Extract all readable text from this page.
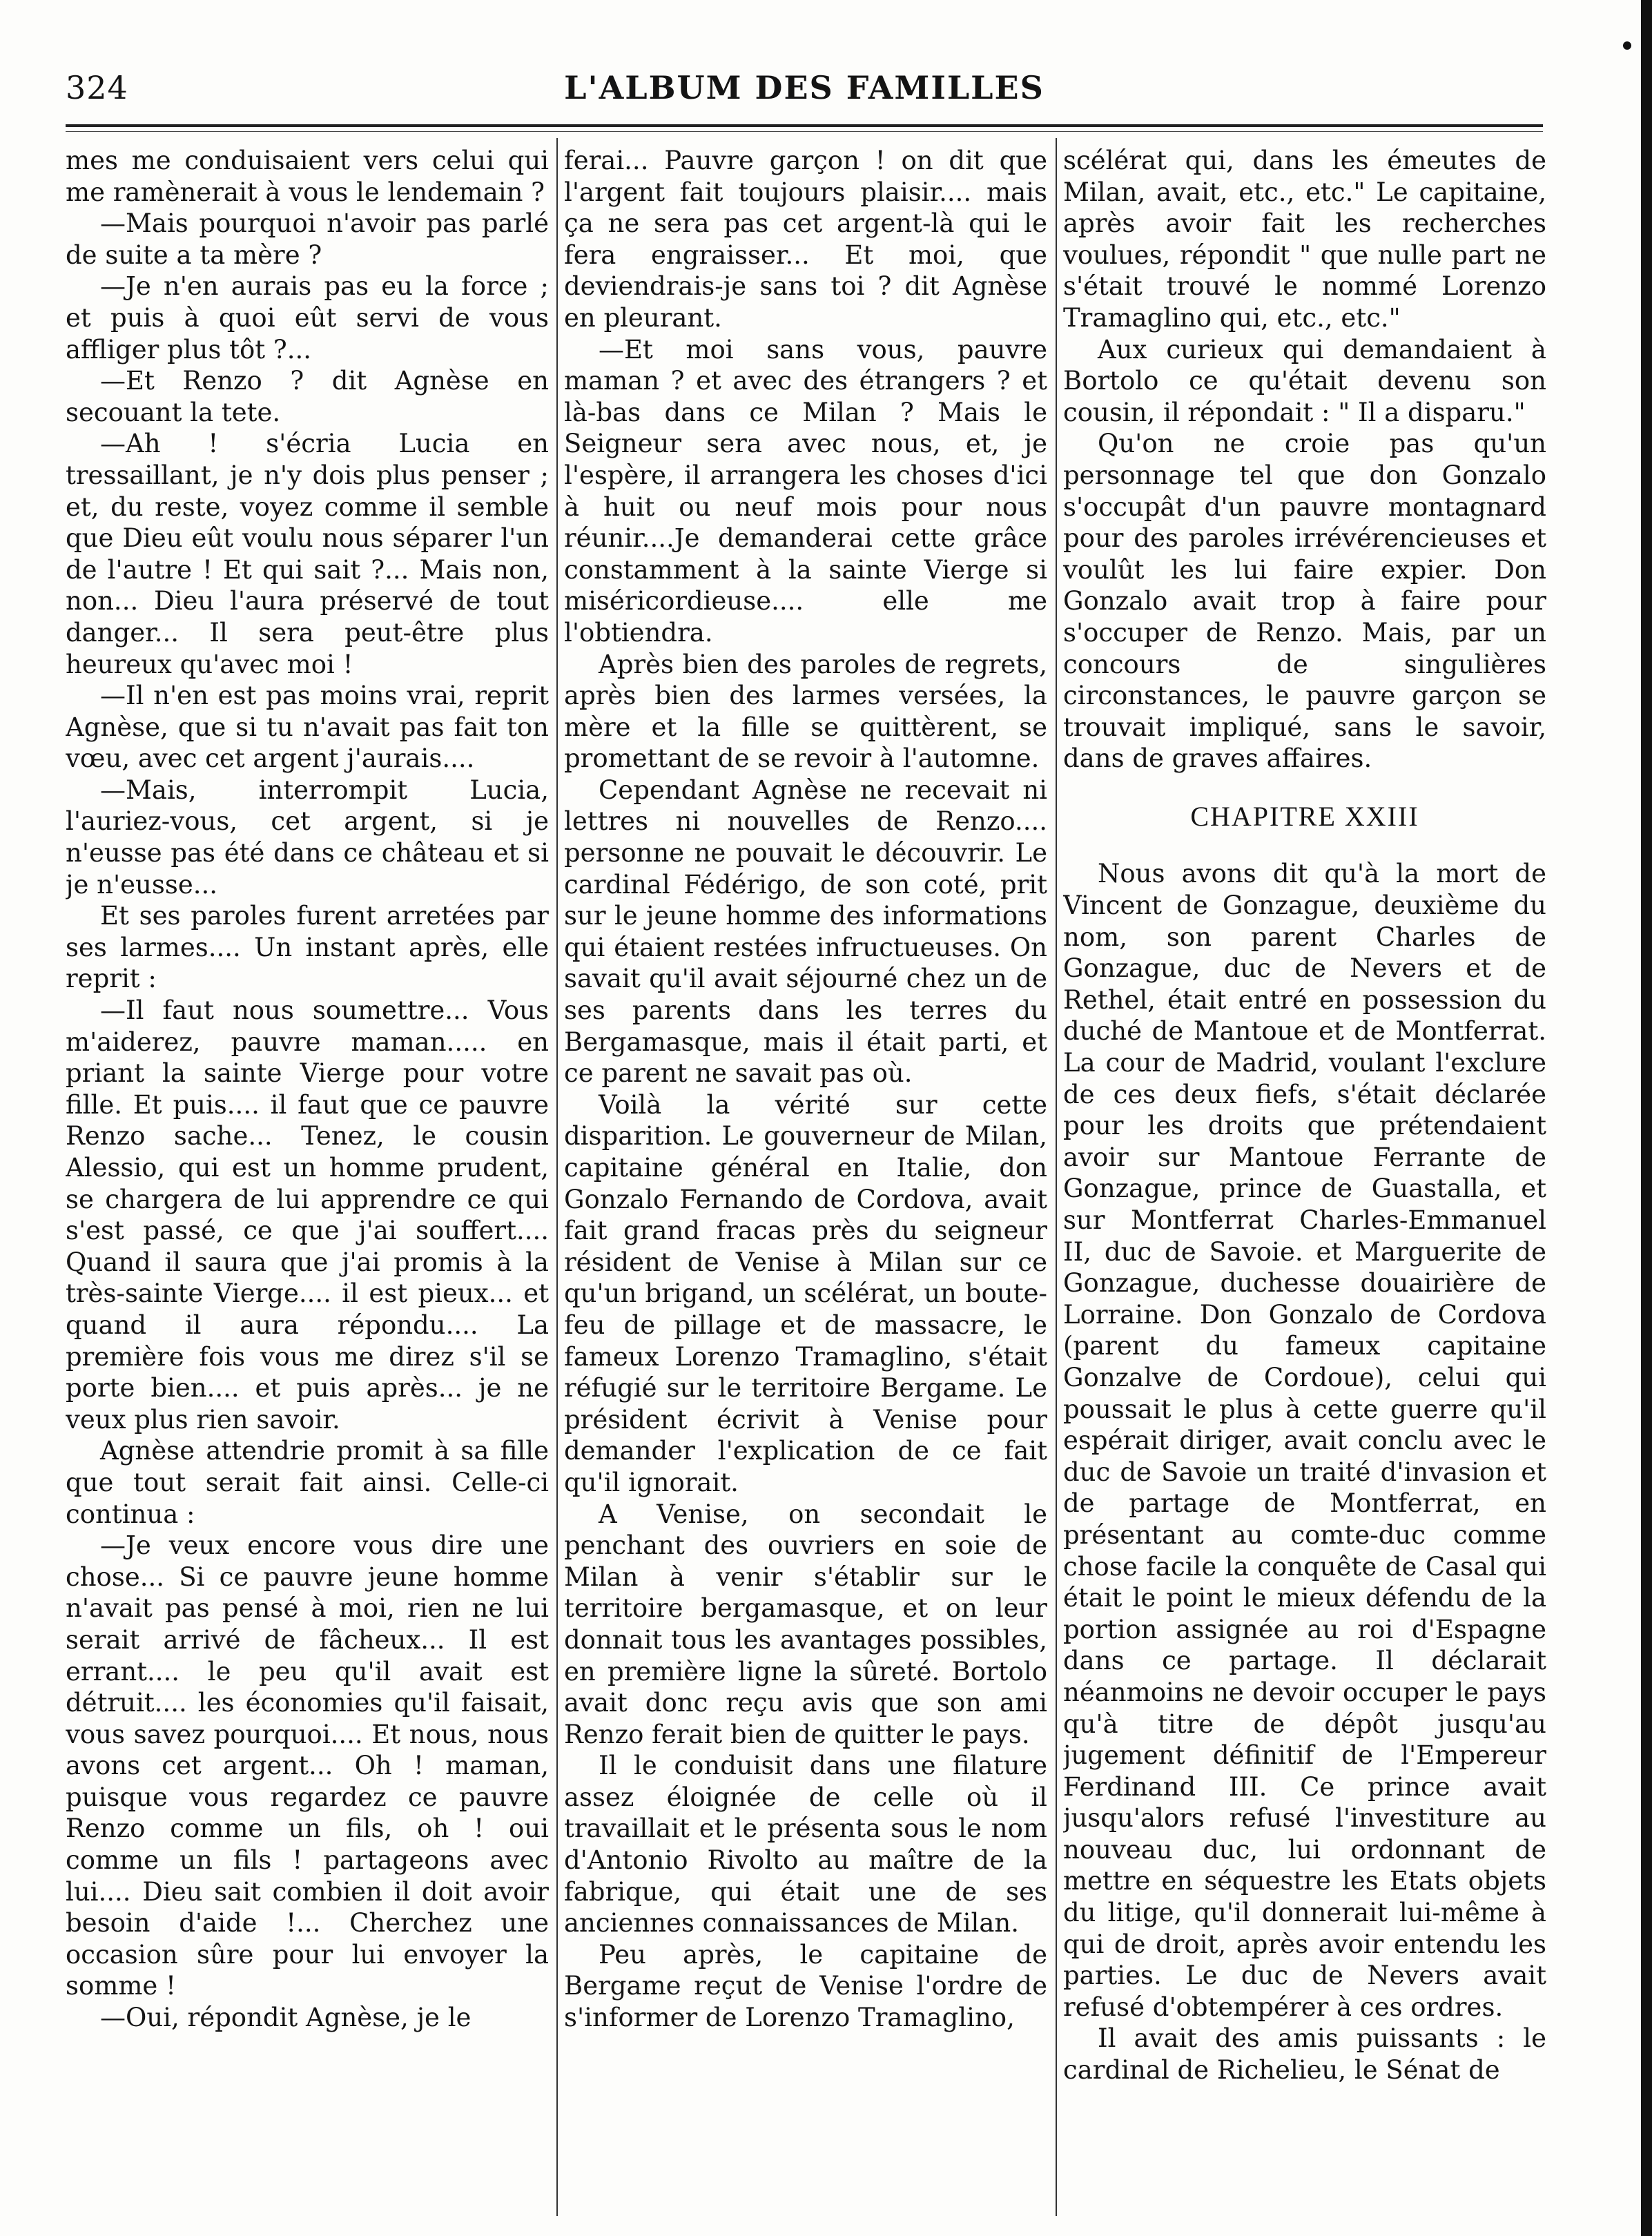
324	L'ALBUM DES FAMILLES

mes me conduisaient vers celui qui me ramènerait à vous le lendemain ?

—Mais pourquoi n'avoir pas parlé de suite a ta mère ?

—Je n'en aurais pas eu la force ; et puis à quoi eût servi de vous affliger plus tôt ?...

—Et Renzo ? dit Agnèse en secouant la tete.

—Ah ! s'écria Lucia en tressaillant, je n'y dois plus penser ; et, du reste, voyez comme il semble que Dieu eût voulu nous séparer l'un de l'autre ! Et qui sait ?... Mais non, non... Dieu l'aura préservé de tout danger... Il sera peut-être plus heureux qu'avec moi !

—Il n'en est pas moins vrai, reprit Agnèse, que si tu n'avait pas fait ton vœu, avec cet argent j'aurais....

—Mais, interrompit Lucia, l'auriez-vous, cet argent, si je n'eusse pas été dans ce château et si je n'eusse...

Et ses paroles furent arretées par ses larmes.... Un instant après, elle reprit :

—Il faut nous soumettre... Vous m'aiderez, pauvre maman..... en priant la sainte Vierge pour votre fille. Et puis.... il faut que ce pauvre Renzo sache... Tenez, le cousin Alessio, qui est un homme prudent, se chargera de lui apprendre ce qui s'est passé, ce que j'ai souffert.... Quand il saura que j'ai promis à la très-sainte Vierge.... il est pieux... et quand il aura répondu.... La première fois vous me direz s'il se porte bien.... et puis après... je ne veux plus rien savoir.

Agnèse attendrie promit à sa fille que tout serait fait ainsi. Celle-ci continua :

—Je veux encore vous dire une chose... Si ce pauvre jeune homme n'avait pas pensé à moi, rien ne lui serait arrivé de fâcheux... Il est errant.... le peu qu'il avait est détruit.... les économies qu'il faisait, vous savez pourquoi.... Et nous, nous avons cet argent... Oh ! maman, puisque vous regardez ce pauvre Renzo comme un fils, oh ! oui comme un fils ! partageons avec lui.... Dieu sait combien il doit avoir besoin d'aide !... Cherchez une occasion sûre pour lui envoyer la somme !

—Oui, répondit Agnèse, je le

ferai... Pauvre garçon ! on dit que l'argent fait toujours plaisir.... mais ça ne sera pas cet argent-là qui le fera engraisser... Et moi, que deviendrais-je sans toi ? dit Agnèse en pleurant.

—Et moi sans vous, pauvre maman ? et avec des étrangers ? et là-bas dans ce Milan ? Mais le Seigneur sera avec nous, et, je l'espère, il arrangera les choses d'ici à huit ou neuf mois pour nous réunir....Je demanderai cette grâce constamment à la sainte Vierge si miséricordieuse.... elle me l'obtiendra.

Après bien des paroles de regrets, après bien des larmes versées, la mère et la fille se quittèrent, se promettant de se revoir à l'automne.

Cependant Agnèse ne recevait ni lettres ni nouvelles de Renzo.... personne ne pouvait le découvrir. Le cardinal Fédérigo, de son coté, prit sur le jeune homme des informations qui étaient restées infructueuses. On savait qu'il avait séjourné chez un de ses parents dans les terres du Bergamasque, mais il était parti, et ce parent ne savait pas où.

Voilà la vérité sur cette disparition. Le gouverneur de Milan, capitaine général en Italie, don Gonzalo Fernando de Cordova, avait fait grand fracas près du seigneur résident de Venise à Milan sur ce qu'un brigand, un scélérat, un boute-feu de pillage et de massacre, le fameux Lorenzo Tramaglino, s'était réfugié sur le territoire Bergame. Le président écrivit à Venise pour demander l'explication de ce fait qu'il ignorait.

A Venise, on secondait le penchant des ouvriers en soie de Milan à venir s'établir sur le territoire bergamasque, et on leur donnait tous les avantages possibles, en première ligne la sûreté. Bortolo avait donc reçu avis que son ami Renzo ferait bien de quitter le pays.

Il le conduisit dans une filature assez éloignée de celle où il travaillait et le présenta sous le nom d'Antonio Rivolto au maître de la fabrique, qui était une de ses anciennes connaissances de Milan.

Peu après, le capitaine de Bergame reçut de Venise l'ordre de s'informer de Lorenzo Tramaglino,

scélérat qui, dans les émeutes de Milan, avait, etc., etc." Le capitaine, après avoir fait les recherches voulues, répondit " que nulle part ne s'était trouvé le nommé Lorenzo Tramaglino qui, etc., etc."

Aux curieux qui demandaient à Bortolo ce qu'était devenu son cousin, il répondait : " Il a disparu."

Qu'on ne croie pas qu'un personnage tel que don Gonzalo s'occupât d'un pauvre montagnard pour des paroles irrévérencieuses et voulût les lui faire expier. Don Gonzalo avait trop à faire pour s'occuper de Renzo. Mais, par un concours de singulières circonstances, le pauvre garçon se trouvait impliqué, sans le savoir, dans de graves affaires.

CHAPITRE XXIII

Nous avons dit qu'à la mort de Vincent de Gonzague, deuxième du nom, son parent Charles de Gonzague, duc de Nevers et de Rethel, était entré en possession du duché de Mantoue et de Montferrat. La cour de Madrid, voulant l'exclure de ces deux fiefs, s'était déclarée pour les droits que prétendaient avoir sur Mantoue Ferrante de Gonzague, prince de Guastalla, et sur Montferrat Charles-Emmanuel II, duc de Savoie. et Marguerite de Gonzague, duchesse douairière de Lorraine. Don Gonzalo de Cordova (parent du fameux capitaine Gonzalve de Cordoue), celui qui poussait le plus à cette guerre qu'il espérait diriger, avait conclu avec le duc de Savoie un traité d'invasion et de partage de Montferrat, en présentant au comte-duc comme chose facile la conquête de Casal qui était le point le mieux défendu de la portion assignée au roi d'Espagne dans ce partage. Il déclarait néanmoins ne devoir occuper le pays qu'à titre de dépôt jusqu'au jugement définitif de l'Empereur Ferdinand III. Ce prince avait jusqu'alors refusé l'investiture au nouveau duc, lui ordonnant de mettre en séquestre les Etats objets du litige, qu'il donnerait lui-même à qui de droit, après avoir entendu les parties. Le duc de Nevers avait refusé d'obtempérer à ces ordres.

Il avait des amis puissants : le cardinal de Richelieu, le Sénat de
